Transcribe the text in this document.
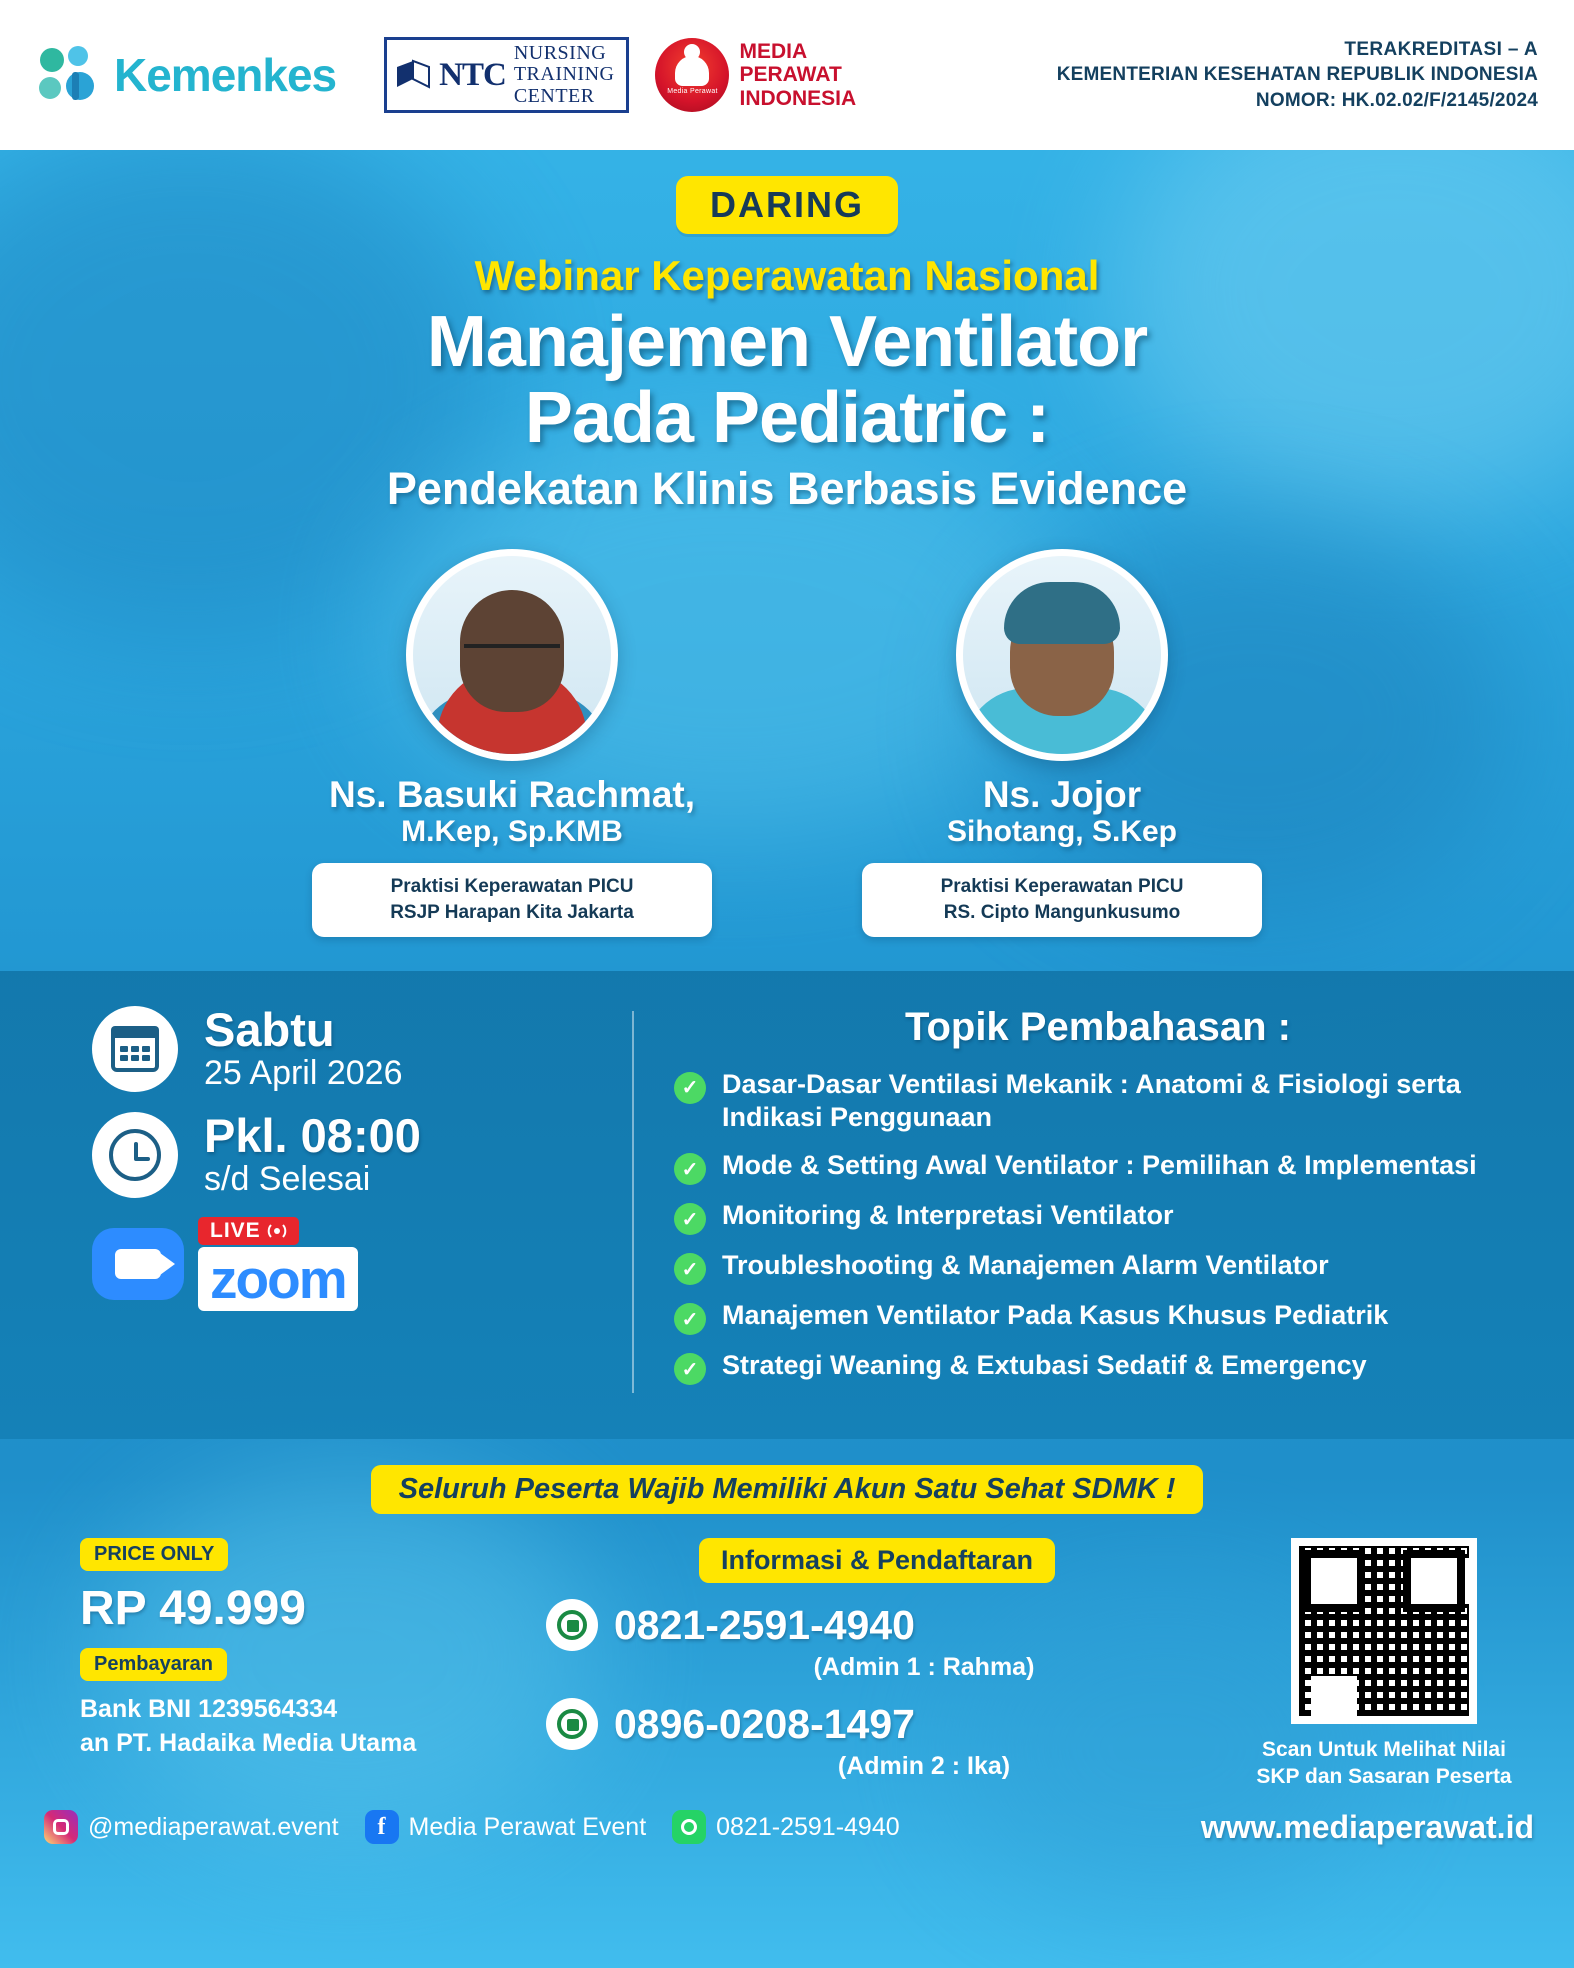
Kemenkes	NTC
NURSING
TRAINING
CENTER	Media Perawat
MEDIA
PERAWAT
INDONESIA
TERAKREDITASI – A
KEMENTERIAN KESEHATAN REPUBLIK INDONESIA
NOMOR: HK.02.02/F/2145/2024
DARING
Webinar Keperawatan Nasional
Manajemen Ventilator
Pada Pediatric :
Pendekatan Klinis Berbasis Evidence
Ns. Basuki Rachmat,
M.Kep, Sp.KMB
Praktisi Keperawatan PICU
RSJP Harapan Kita Jakarta
Ns. Jojor
Sihotang, S.Kep
Praktisi Keperawatan PICU
RS. Cipto Mangunkusumo
Sabtu
25 April 2026
Pkl. 08:00
s/d Selesai
LIVE
zoom
Topik Pembahasan :
✓ Dasar-Dasar Ventilasi Mekanik : Anatomi & Fisiologi serta Indikasi Penggunaan
✓ Mode & Setting Awal Ventilator : Pemilihan & Implementasi
✓ Monitoring & Interpretasi Ventilator
✓ Troubleshooting & Manajemen Alarm Ventilator
✓ Manajemen Ventilator Pada Kasus Khusus Pediatrik
✓ Strategi Weaning & Extubasi Sedatif & Emergency
Seluruh Peserta Wajib Memiliki Akun Satu Sehat SDMK !
PRICE ONLY
RP 49.999
Pembayaran
Bank BNI 1239564334
an PT. Hadaika Media Utama
Informasi & Pendaftaran
0821-2591-4940
(Admin 1 : Rahma)
0896-0208-1497
(Admin 2 : Ika)
Scan Untuk Melihat Nilai
SKP dan Sasaran Peserta
@mediaperawat.event	f Media Perawat Event	0821-2591-4940	www.mediaperawat.id
